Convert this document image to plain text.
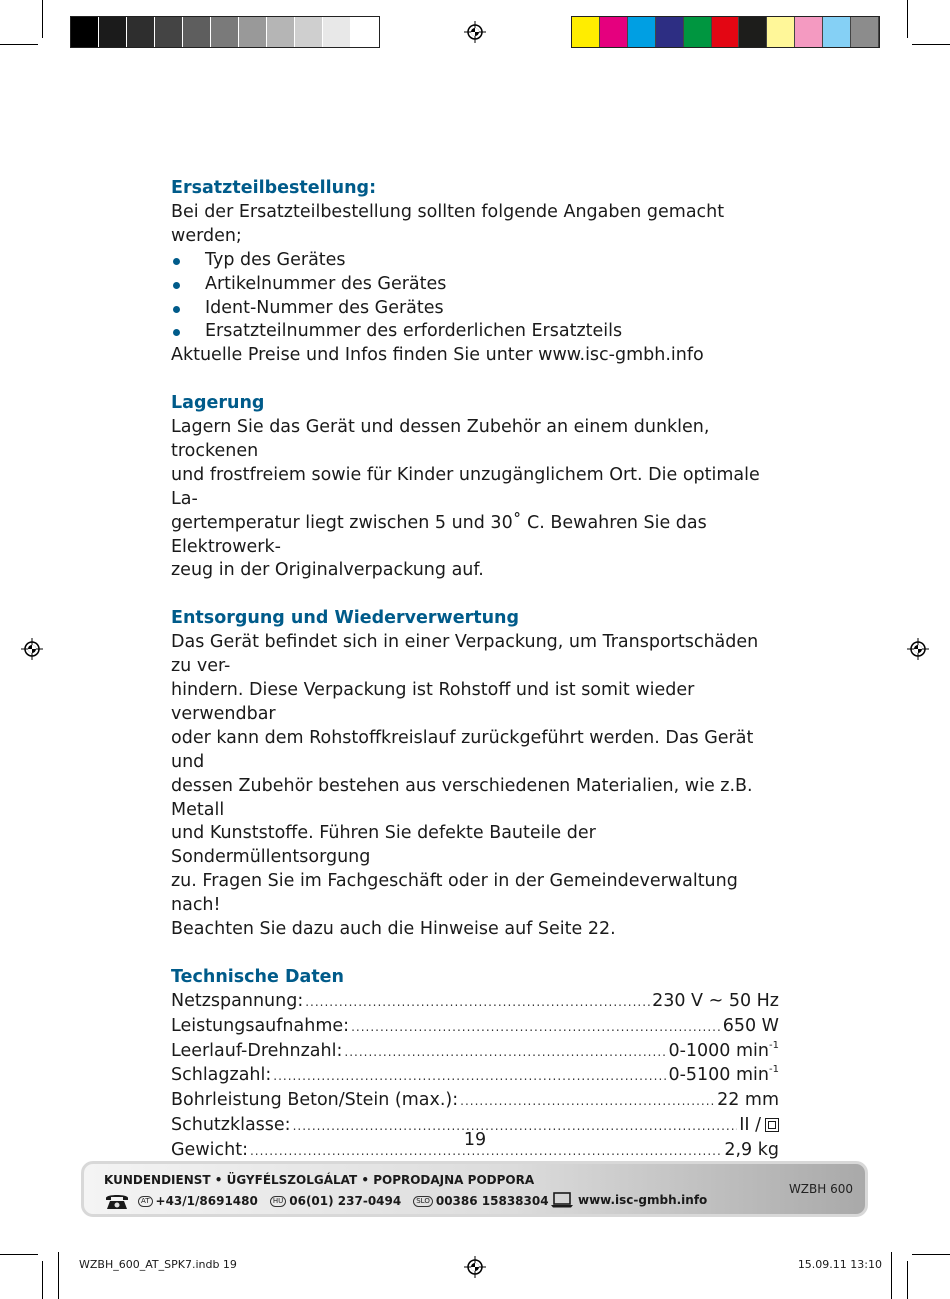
Ersatzteilbestellung:

Bei der Ersatzteilbestellung sollten folgende Angaben gemacht werden;

Typ des Gerätes
Artikelnummer des Gerätes
Ident-Nummer des Gerätes
Ersatzteilnummer des erforderlichen Ersatzteils

Aktuelle Preise und Infos finden Sie unter www.isc-gmbh.info

Lagerung

Lagern Sie das Gerät und dessen Zubehör an einem dunklen, trockenen

und frostfreiem sowie für Kinder unzugänglichem Ort. Die optimale La-

gertemperatur liegt zwischen 5 und 30˚ C. Bewahren Sie das Elektrowerk-

zeug in der Originalverpackung auf.

Entsorgung und Wiederverwertung

Das Gerät befindet sich in einer Verpackung, um Transportschäden zu ver-

hindern. Diese Verpackung ist Rohstoff und ist somit wieder verwendbar

oder kann dem Rohstoffkreislauf zurückgeführt werden. Das Gerät und

dessen Zubehör bestehen aus verschiedenen Materialien, wie z.B. Metall

und Kunststoffe. Führen Sie defekte Bauteile der Sondermüllentsorgung

zu. Fragen Sie im Fachgeschäft oder in der Gemeindeverwaltung nach!

Beachten Sie dazu auch die Hinweise auf Seite 22.

Technische Daten
Netzspannung: .....	230 V ~ 50 Hz
Leistungsaufnahme: .....	650 W
Leerlauf-Drehnzahl: .....	0-1000 $\min^{-1}$
Schlagzahl: .....	0-5100 $\min^{-1}$
Bohrleistung Beton/Stein (max.): .....	22 mm
Schutzklasse: .....	II /
Gewicht: .....	2,9 kg
19
KUNDENDIENST • ÜGYFÉLSZOLGÁLAT • POPRODAJNA PODPORA
AT +43/1/8691480	HU 06(01) 237-0494	SLO 00386 15838304 www.isc-gmbh.info
WZBH 600
WZBH_600_AT_SPK7.indb 19	15.09.11 13:10
